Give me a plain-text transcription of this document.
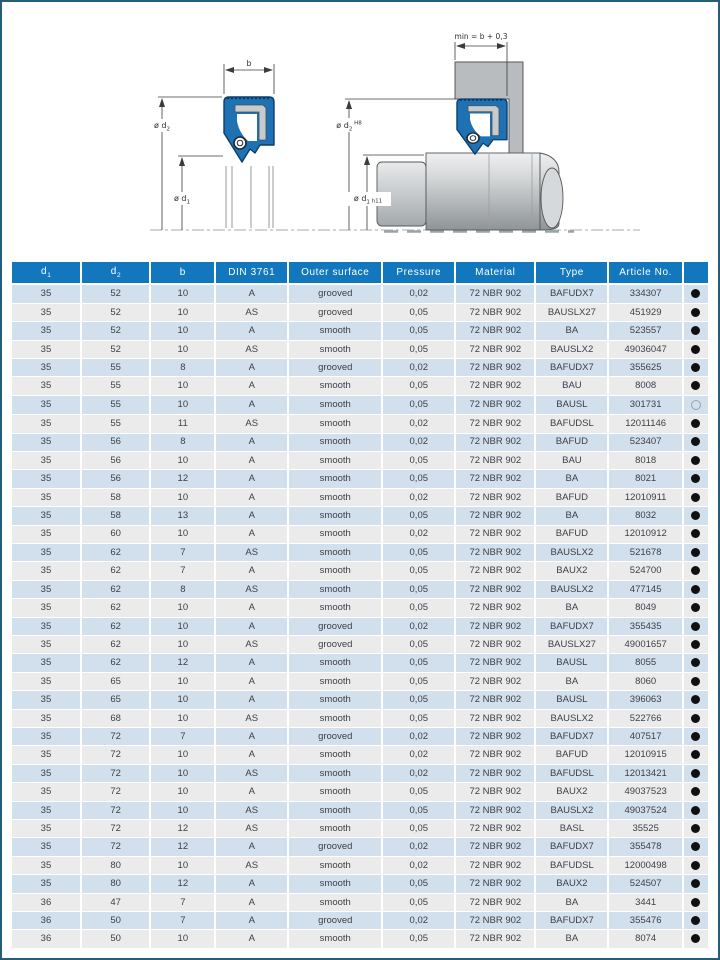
b
ø $d_2$
ø $d_1$
min = b + 0,3
ø $d_2$ H8
ø $d_1$ h11
$d_1$	$d_2$	b	DIN 3761	Outer surface	Pressure	Material	Type	Article No.	
35	52	10	A	grooved	0,02	72 NBR 902	BAFUDX7	334307	
35	52	10	AS	grooved	0,05	72 NBR 902	BAUSLX27	451929	
35	52	10	A	smooth	0,05	72 NBR 902	BA	523557	
35	52	10	AS	smooth	0,05	72 NBR 902	BAUSLX2	49036047	
35	55	8	A	grooved	0,02	72 NBR 902	BAFUDX7	355625	
35	55	10	A	smooth	0,05	72 NBR 902	BAU	8008	
35	55	10	A	smooth	0,05	72 NBR 902	BAUSL	301731	
35	55	11	AS	smooth	0,02	72 NBR 902	BAFUDSL	12011146	
35	56	8	A	smooth	0,02	72 NBR 902	BAFUD	523407	
35	56	10	A	smooth	0,05	72 NBR 902	BAU	8018	
35	56	12	A	smooth	0,05	72 NBR 902	BA	8021	
35	58	10	A	smooth	0,02	72 NBR 902	BAFUD	12010911	
35	58	13	A	smooth	0,05	72 NBR 902	BA	8032	
35	60	10	A	smooth	0,02	72 NBR 902	BAFUD	12010912	
35	62	7	AS	smooth	0,05	72 NBR 902	BAUSLX2	521678	
35	62	7	A	smooth	0,05	72 NBR 902	BAUX2	524700	
35	62	8	AS	smooth	0,05	72 NBR 902	BAUSLX2	477145	
35	62	10	A	smooth	0,05	72 NBR 902	BA	8049	
35	62	10	A	grooved	0,02	72 NBR 902	BAFUDX7	355435	
35	62	10	AS	grooved	0,05	72 NBR 902	BAUSLX27	49001657	
35	62	12	A	smooth	0,05	72 NBR 902	BAUSL	8055	
35	65	10	A	smooth	0,05	72 NBR 902	BA	8060	
35	65	10	A	smooth	0,05	72 NBR 902	BAUSL	396063	
35	68	10	AS	smooth	0,05	72 NBR 902	BAUSLX2	522766	
35	72	7	A	grooved	0,02	72 NBR 902	BAFUDX7	407517	
35	72	10	A	smooth	0,02	72 NBR 902	BAFUD	12010915	
35	72	10	AS	smooth	0,02	72 NBR 902	BAFUDSL	12013421	
35	72	10	A	smooth	0,05	72 NBR 902	BAUX2	49037523	
35	72	10	AS	smooth	0,05	72 NBR 902	BAUSLX2	49037524	
35	72	12	AS	smooth	0,05	72 NBR 902	BASL	35525	
35	72	12	A	grooved	0,02	72 NBR 902	BAFUDX7	355478	
35	80	10	AS	smooth	0,02	72 NBR 902	BAFUDSL	12000498	
35	80	12	A	smooth	0,05	72 NBR 902	BAUX2	524507	
36	47	7	A	smooth	0,05	72 NBR 902	BA	3441	
36	50	7	A	grooved	0,02	72 NBR 902	BAFUDX7	355476	
36	50	10	A	smooth	0,05	72 NBR 902	BA	8074	
